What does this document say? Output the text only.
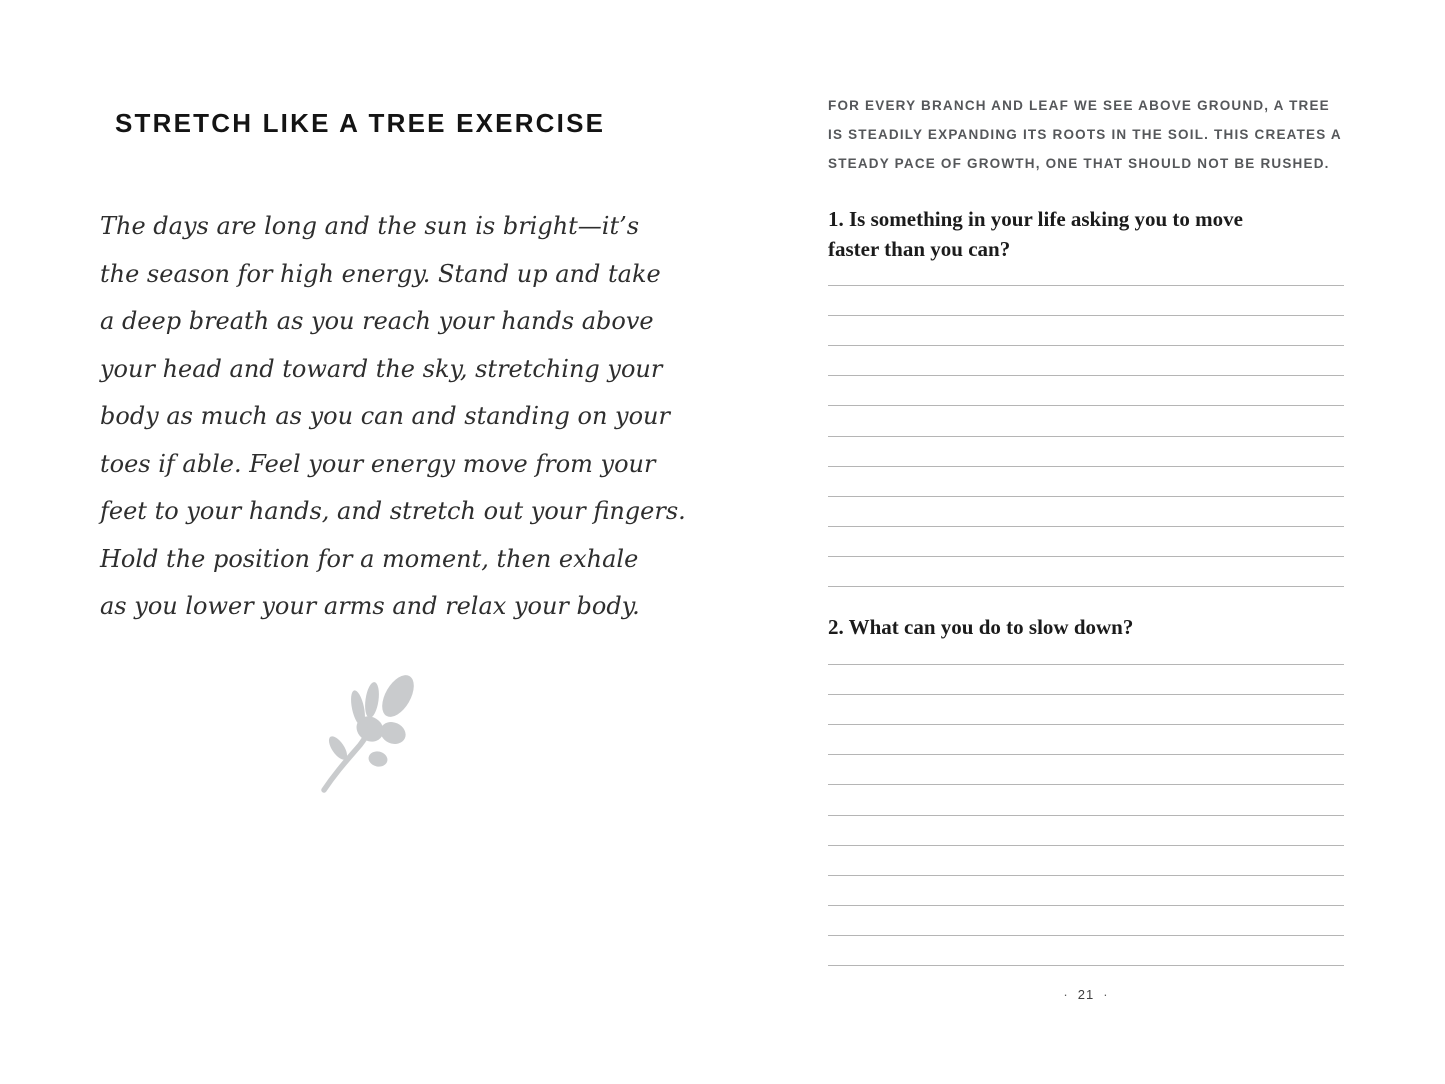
STRETCH LIKE A TREE EXERCISE
The days are long and the sun is bright—it’s
the season for high energy. Stand up and take
a deep breath as you reach your hands above
your head and toward the sky, stretching your
body as much as you can and standing on your
toes if able. Feel your energy move from your
feet to your hands, and stretch out your fingers.
Hold the position for a moment, then exhale
as you lower your arms and relax your body.
FOR EVERY BRANCH AND LEAF WE SEE ABOVE GROUND, A TREE
IS STEADILY EXPANDING ITS ROOTS IN THE SOIL. THIS CREATES A
STEADY PACE OF GROWTH, ONE THAT SHOULD NOT BE RUSHED.
1. Is something in your life asking you to move
faster than you can?
2. What can you do to slow down?
· 21 ·
